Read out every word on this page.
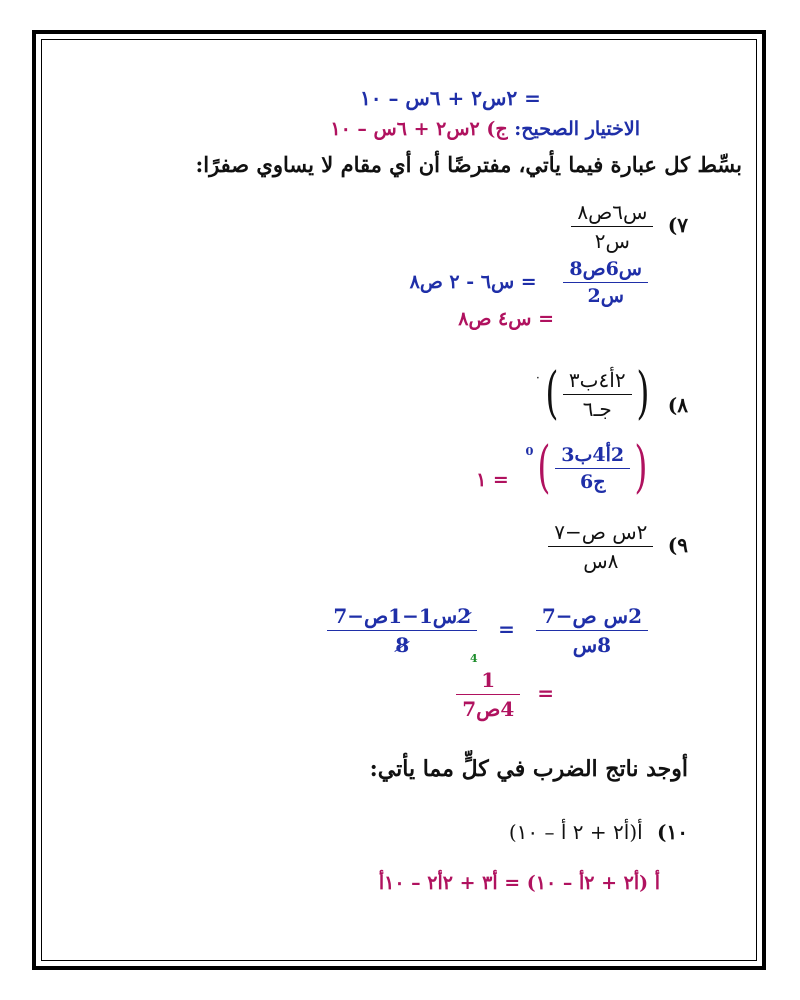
= ٢س٢ + ٦س – ١٠
الاختيار الصحيح: ج) ٢س٢ + ٦س – ١٠
بسِّط كل عبارة فيما يأتي، مفترضًا أن أي مقام لا يساوي صفرًا:
٧)
$\frac{\text{س٦ص٨}}{\text{س٢}}$
$\frac{\text{س6ص8}}{\text{س2}}$
= س٦ - ٢ ص٨
= س٤ ص٨
٨)
(
$\frac{\text{٢أ٤ب٣}}{\text{جـ٦}}$
)
٠
(
$\frac{\text{2أ4ب3}}{\text{ج6}}$
)
0
= ١
٩)
$\frac{\text{٢س ص−٧}}{\text{٨س}}$
$\frac{\text{2س ص−7}}{\text{8س}}$
=
$\frac{\text{2س1−1ص−7}}{8}$
4
=
$\frac{1}{\text{4ص7}}$
أوجد ناتج الضرب في كلٍّ مما يأتي:
١٠) أ(أ٢ + ٢ أ – ١٠)
أ (أ٢ + ٢أ – ١٠) = أ٣ + ٢أ٢ – ١٠أ
